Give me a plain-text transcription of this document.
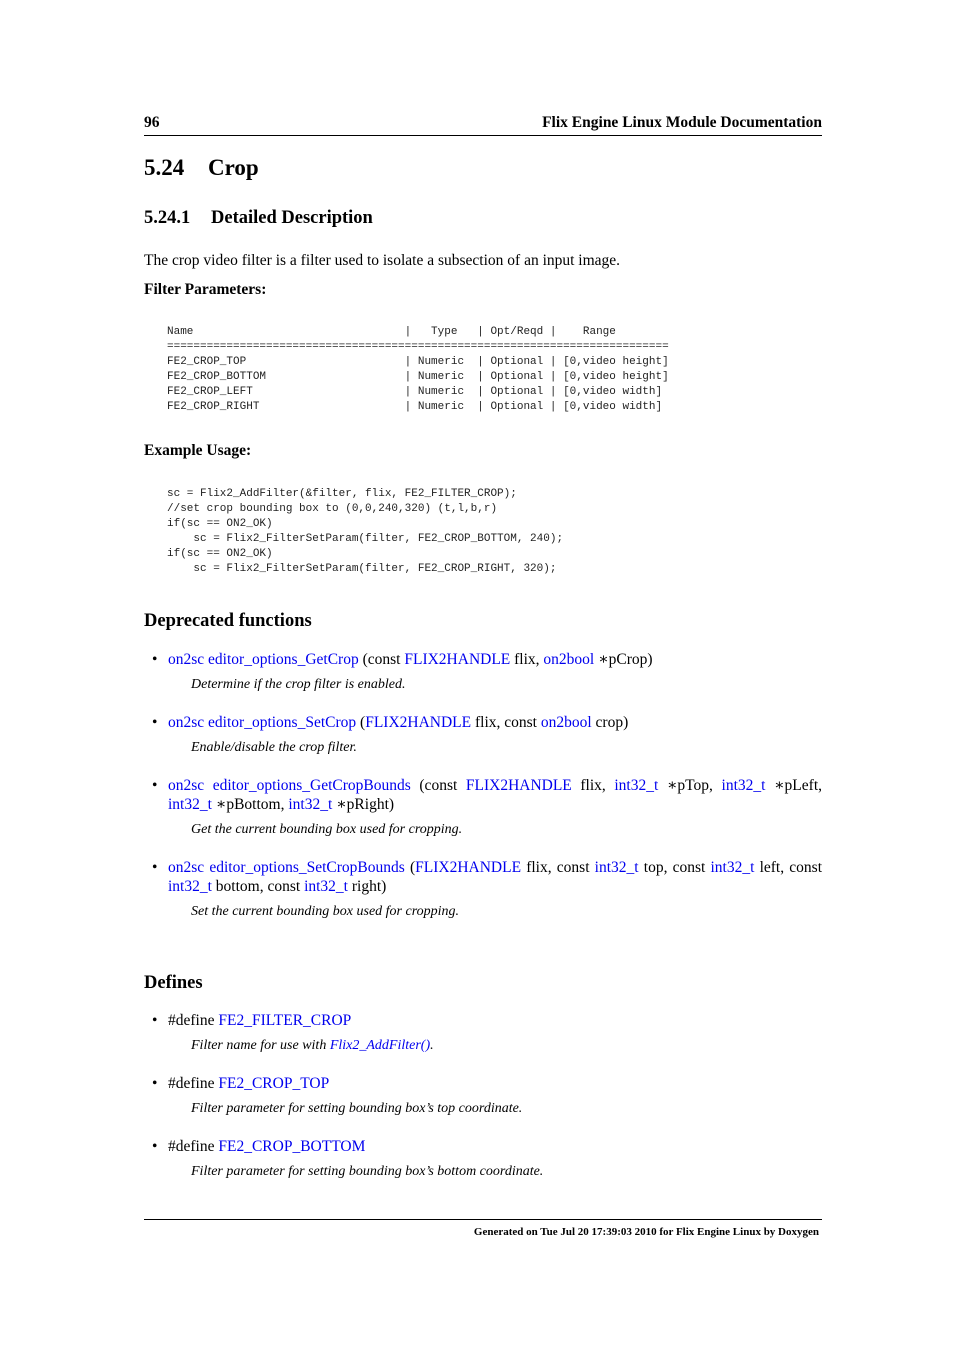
96	Flix Engine Linux Module Documentation
5.24 Crop
5.24.1 Detailed Description

The crop video filter is a filter used to isolate a subsection of an input image.

Filter Parameters:

Name                                |   Type   | Opt/Reqd |    Range
============================================================================
FE2_CROP_TOP                        | Numeric  | Optional | [0,video height]
FE2_CROP_BOTTOM                     | Numeric  | Optional | [0,video height]
FE2_CROP_LEFT                       | Numeric  | Optional | [0,video width]
FE2_CROP_RIGHT                      | Numeric  | Optional | [0,video width]

Example Usage:

sc = Flix2_AddFilter(&filter, flix, FE2_FILTER_CROP);
//set crop bounding box to (0,0,240,320) (t,l,b,r)
if(sc == ON2_OK)
sc = Flix2_FilterSetParam(filter, FE2_CROP_BOTTOM, 240);
if(sc == ON2_OK)
sc = Flix2_FilterSetParam(filter, FE2_CROP_RIGHT, 320);
Deprecated functions
• on2sc editor_options_GetCrop (const FLIX2HANDLE flix, on2bool ∗pCrop)
Determine if the crop filter is enabled.
• on2sc editor_options_SetCrop (FLIX2HANDLE flix, const on2bool crop)
Enable/disable the crop filter.
• on2sc editor_options_GetCropBounds (const FLIX2HANDLE flix, int32_t ∗pTop, int32_t ∗pLeft, int32_t ∗pBottom, int32_t ∗pRight)
Get the current bounding box used for cropping.
• on2sc editor_options_SetCropBounds (FLIX2HANDLE flix, const int32_t top, const int32_t left, const int32_t bottom, const int32_t right)
Set the current bounding box used for cropping.
Defines
• #define FE2_FILTER_CROP
Filter name for use with Flix2_AddFilter().
• #define FE2_CROP_TOP
Filter parameter for setting bounding box’s top coordinate.
• #define FE2_CROP_BOTTOM
Filter parameter for setting bounding box’s bottom coordinate.
Generated on Tue Jul 20 17:39:03 2010 for Flix Engine Linux by Doxygen
